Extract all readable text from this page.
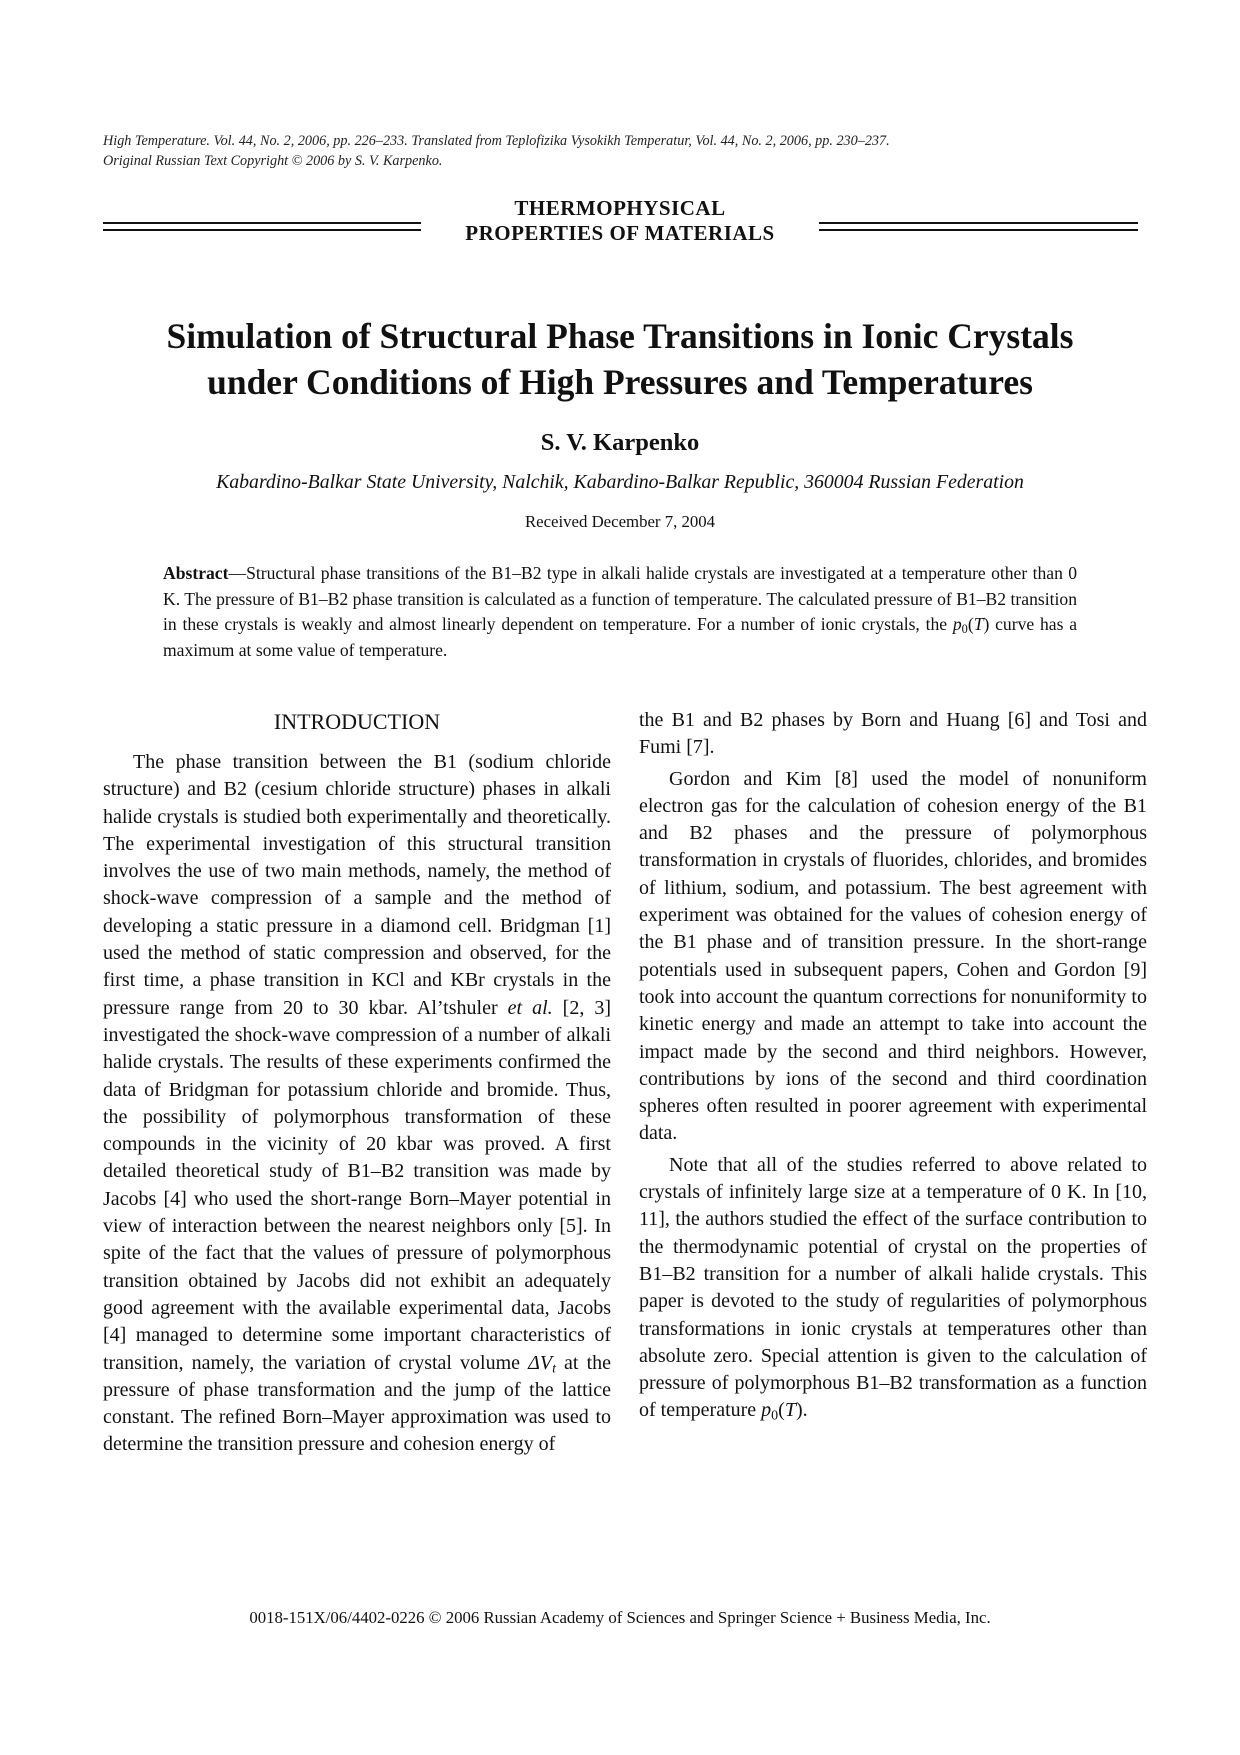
High Temperature. Vol. 44, No. 2, 2006, pp. 226–233. Translated from Teplofizika Vysokikh Temperatur, Vol. 44, No. 2, 2006, pp. 230–237.
Original Russian Text Copyright © 2006 by S. V. Karpenko.
THERMOPHYSICAL
PROPERTIES OF MATERIALS
Simulation of Structural Phase Transitions in Ionic Crystals
under Conditions of High Pressures and Temperatures
S. V. Karpenko
Kabardino-Balkar State University, Nalchik, Kabardino-Balkar Republic, 360004 Russian Federation
Received December 7, 2004

Abstract—Structural phase transitions of the B1–B2 type in alkali halide crystals are investigated at a temperature other than 0 K. The pressure of B1–B2 phase transition is calculated as a function of temperature. The calculated pressure of B1–B2 transition in these crystals is weakly and almost linearly dependent on temperature. For a number of ionic crystals, the $p_0(T)$ curve has a maximum at some value of temperature.

INTRODUCTION

The phase transition between the B1 (sodium chloride structure) and B2 (cesium chloride structure) phases in alkali halide crystals is studied both experimentally and theoretically. The experimental investigation of this structural transition involves the use of two main methods, namely, the method of shock-wave compression of a sample and the method of developing a static pressure in a diamond cell. Bridgman [1] used the method of static compression and observed, for the first time, a phase transition in KCl and KBr crystals in the pressure range from 20 to 30 kbar. Al’tshuler et al. [2, 3] investigated the shock-wave compression of a number of alkali halide crystals. The results of these experiments confirmed the data of Bridgman for potassium chloride and bromide. Thus, the possibility of polymorphous transformation of these compounds in the vicinity of 20 kbar was proved. A first detailed theoretical study of B1–B2 transition was made by Jacobs [4] who used the short-range Born–Mayer potential in view of interaction between the nearest neighbors only [5]. In spite of the fact that the values of pressure of polymorphous transition obtained by Jacobs did not exhibit an adequately good agreement with the available experimental data, Jacobs [4] managed to determine some important characteristics of transition, namely, the variation of crystal volume $\Delta V_t$ at the pressure of phase transformation and the jump of the lattice constant. The refined Born–Mayer approximation was used to determine the transition pressure and cohesion energy of

the B1 and B2 phases by Born and Huang [6] and Tosi and Fumi [7].

Gordon and Kim [8] used the model of nonuniform electron gas for the calculation of cohesion energy of the B1 and B2 phases and the pressure of polymorphous transformation in crystals of fluorides, chlorides, and bromides of lithium, sodium, and potassium. The best agreement with experiment was obtained for the values of cohesion energy of the B1 phase and of transition pressure. In the short-range potentials used in subsequent papers, Cohen and Gordon [9] took into account the quantum corrections for nonuniformity to kinetic energy and made an attempt to take into account the impact made by the second and third neighbors. However, contributions by ions of the second and third coordination spheres often resulted in poorer agreement with experimental data.

Note that all of the studies referred to above related to crystals of infinitely large size at a temperature of 0 K. In [10, 11], the authors studied the effect of the surface contribution to the thermodynamic potential of crystal on the properties of B1–B2 transition for a number of alkali halide crystals. This paper is devoted to the study of regularities of polymorphous transformations in ionic crystals at temperatures other than absolute zero. Special attention is given to the calculation of pressure of polymorphous B1–B2 transformation as a function of temperature $p_0(T)$.

0018-151X/06/4402-0226 © 2006 Russian Academy of Sciences and Springer Science + Business Media, Inc.
